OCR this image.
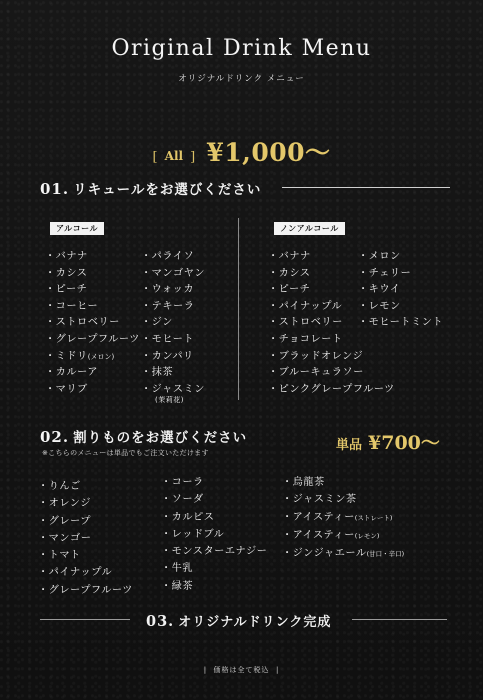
Original Drink Menu
オリジナルドリンク メニュー
[ All ] ¥1,000～
01. リキュールをお選びください
アルコール	ノンアルコール
・バナナ
・カシス
・ピーチ
・コーヒー
・ストロベリー
・グレープフルーツ
・ミドリ(メロン)
・カルーア
・マリブ
・パライソ
・マンゴヤン
・ウォッカ
・テキーラ
・ジン
・モヒート
・カンパリ
・抹茶
・ジャスミン
(茉莉花)
・バナナ
・カシス
・ピーチ
・パイナップル
・ストロベリー
・チョコレート
・ブラッドオレンジ
・ブルーキュラソー
・ピンクグレープフルーツ
・メロン
・チェリー
・キウイ
・レモン
・モヒートミント
02. 割りものをお選びください
※こちらのメニューは単品でもご注文いただけます	単品 ¥700～
・りんご
・オレンジ
・グレープ
・マンゴー
・トマト
・パイナップル
・グレープフルーツ
・コーラ
・ソーダ
・カルピス
・レッドブル
・モンスターエナジー
・牛乳
・緑茶
・烏龍茶
・ジャスミン茶
・アイスティー(ストレート)
・アイスティー(レモン)
・ジンジャエール(甘口・辛口)
03. オリジナルドリンク完成
| 価格は全て税込 |
